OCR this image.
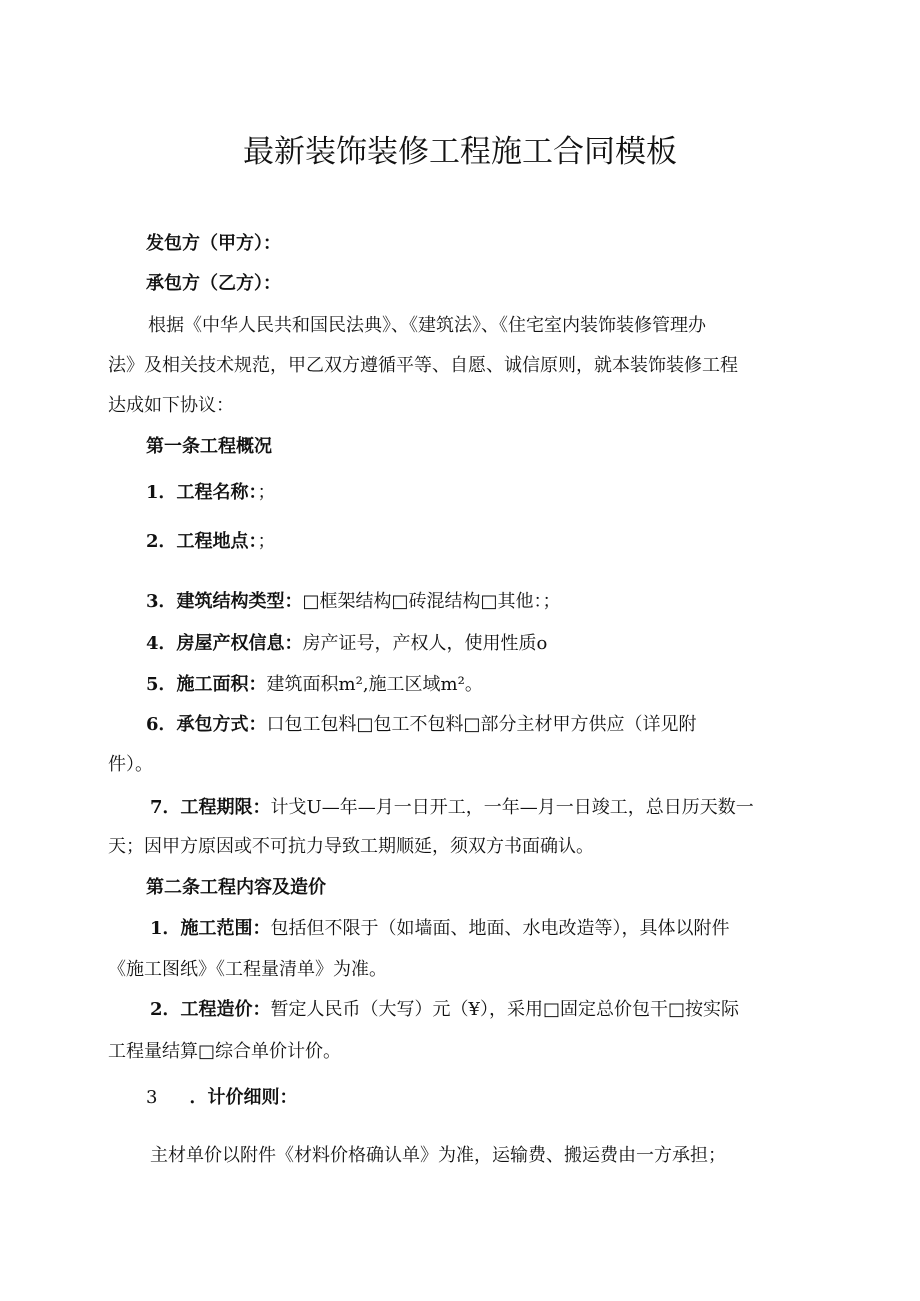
最新装饰装修工程施工合同模板
发包方（甲方）：
承包方（乙方）：
根据《中华人民共和国民法典》、《建筑法》、《住宅室内装饰装修管理办
法》及相关技术规范，甲乙双方遵循平等、自愿、诚信原则，就本装饰装修工程
达成如下协议：
第一条工程概况
1．工程名称：；
2．工程地点：；
3．建筑结构类型：□框架结构□砖混结构□其他：；
4．房屋产权信息：房产证号，产权人，使用性质o
5．施工面积：建筑面积m²,施工区域m²。
6．承包方式：口包工包料□包工不包料□部分主材甲方供应（详见附
件）。
7．工程期限：计戈U—年—月一日开工，一年—月一日竣工，总日历天数一
天；因甲方原因或不可抗力导致工期顺延，须双方书面确认。
第二条工程内容及造价
1．施工范围：包括但不限于（如墙面、地面、水电改造等），具体以附件
《施工图纸》《工程量清单》为准。
2．工程造价：暂定人民币（大写）元（¥），采用□固定总价包干□按实际
工程量结算□综合单价计价。
3 ．计价细则：
主材单价以附件《材料价格确认单》为准，运输费、搬运费由一方承担；
